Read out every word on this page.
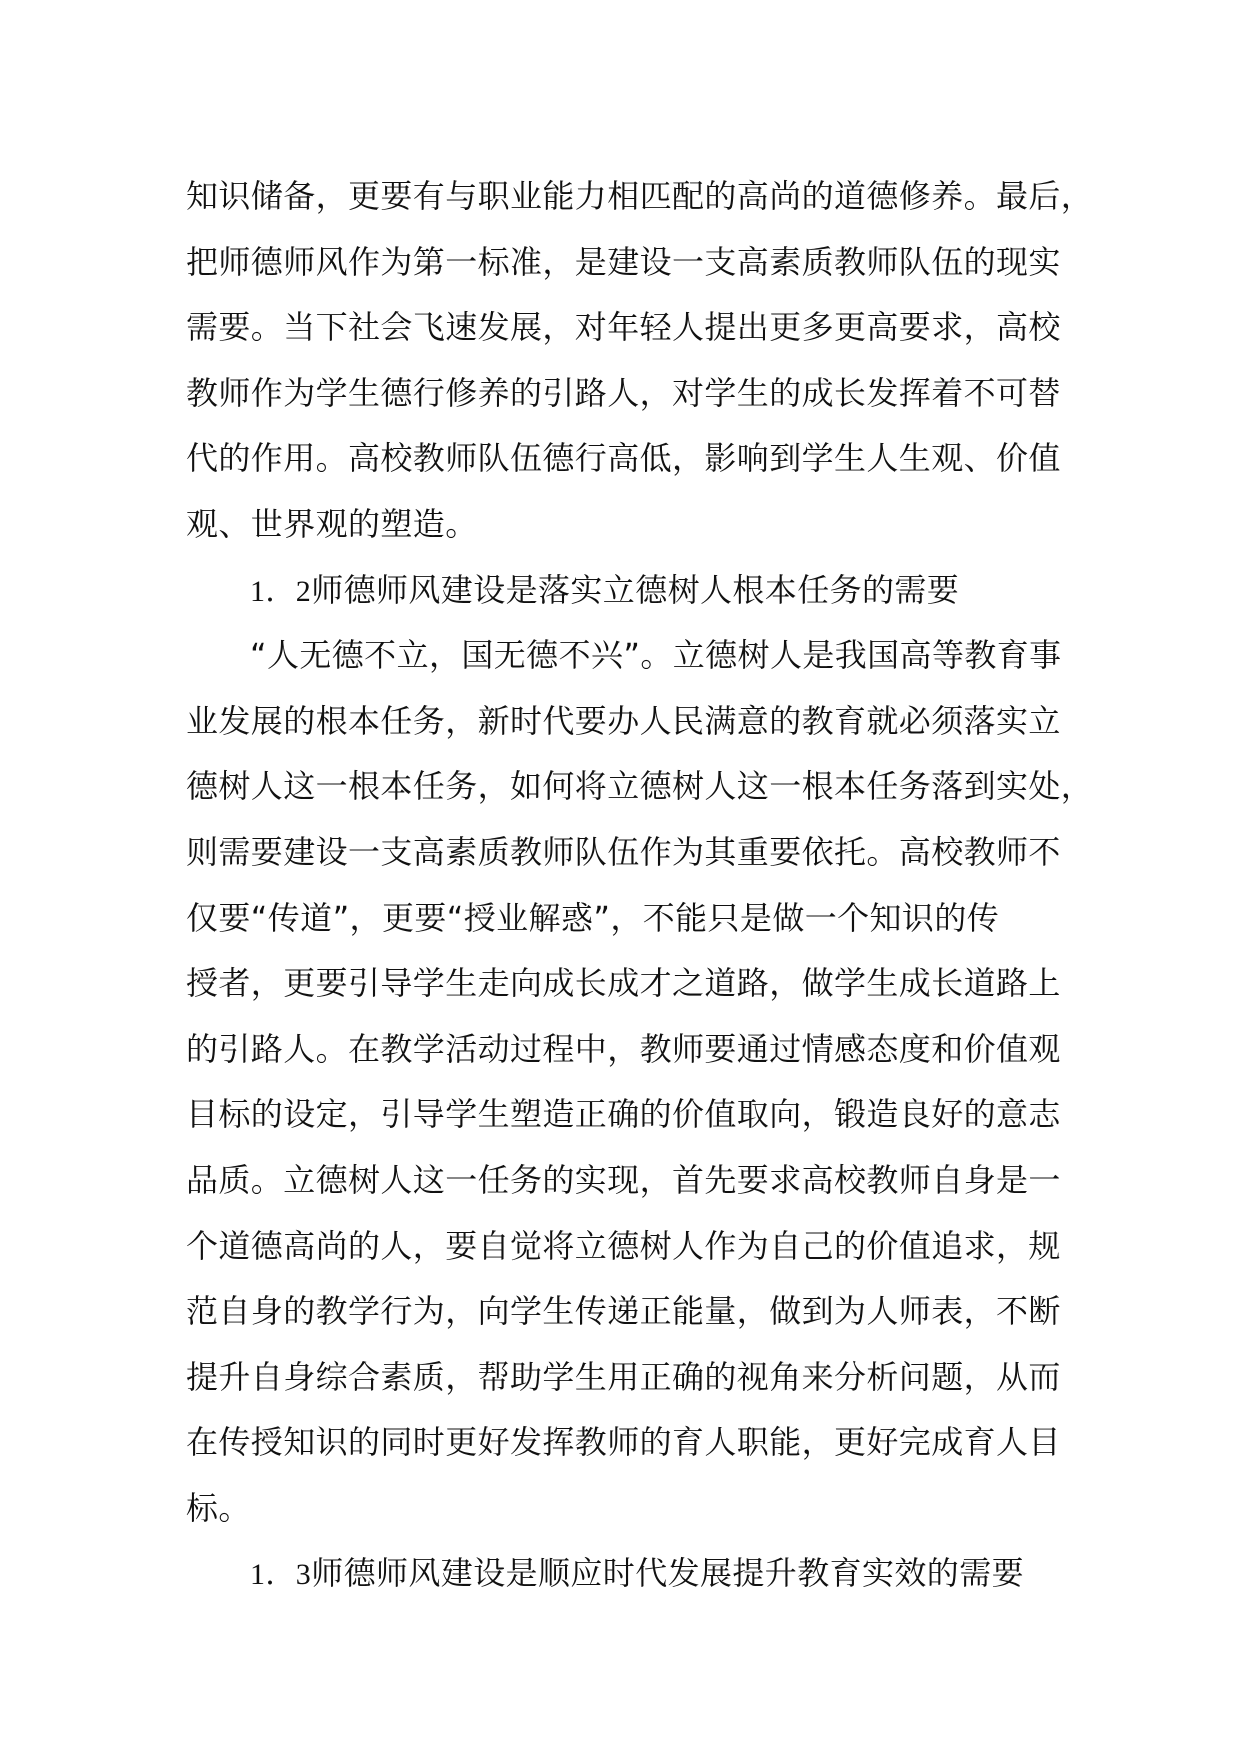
知识储备，更要有与职业能力相匹配的高尚的道德修养。最后，
把师德师风作为第一标准，是建设一支高素质教师队伍的现实
需要。当下社会飞速发展，对年轻人提出更多更高要求，高校
教师作为学生德行修养的引路人，对学生的成长发挥着不可替
代的作用。高校教师队伍德行高低，影响到学生人生观、价值
观、世界观的塑造。
1．2师德师风建设是落实立德树人根本任务的需要
“人无德不立，国无德不兴”。立德树人是我国高等教育事
业发展的根本任务，新时代要办人民满意的教育就必须落实立
德树人这一根本任务，如何将立德树人这一根本任务落到实处，
则需要建设一支高素质教师队伍作为其重要依托。高校教师不
仅要“传道”，更要“授业解惑”，不能只是做一个知识的传
授者，更要引导学生走向成长成才之道路，做学生成长道路上
的引路人。在教学活动过程中，教师要通过情感态度和价值观
目标的设定，引导学生塑造正确的价值取向，锻造良好的意志
品质。立德树人这一任务的实现，首先要求高校教师自身是一
个道德高尚的人，要自觉将立德树人作为自己的价值追求，规
范自身的教学行为，向学生传递正能量，做到为人师表，不断
提升自身综合素质，帮助学生用正确的视角来分析问题，从而
在传授知识的同时更好发挥教师的育人职能，更好完成育人目
标。
1．3师德师风建设是顺应时代发展提升教育实效的需要
